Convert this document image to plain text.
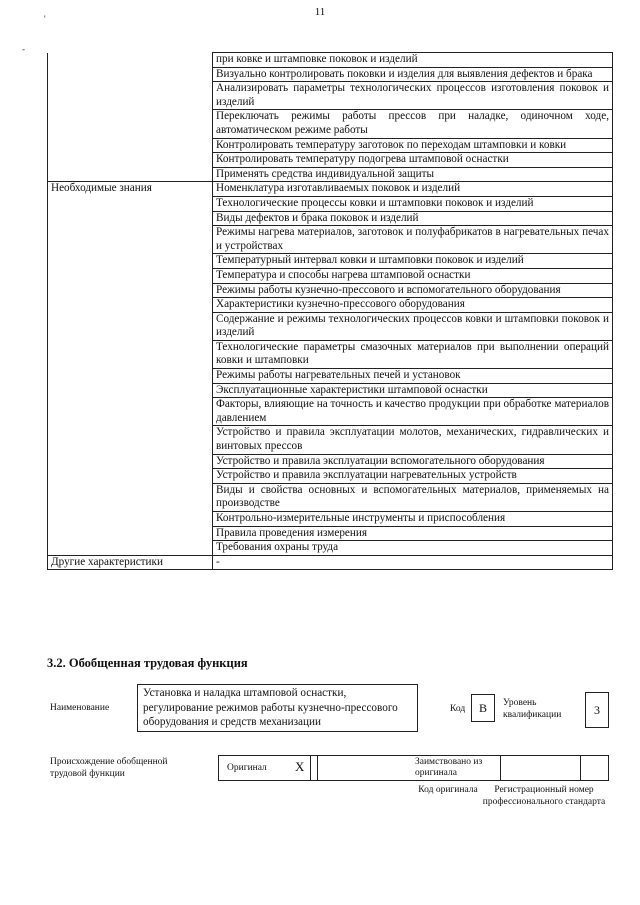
11
'
-
	при ковке и штамповке поковок и изделий
	Визуально контролировать поковки и изделия для выявления дефектов и брака
	Анализировать параметры технологических процессов изготовления поковок и изделий
	Переключать режимы работы прессов при наладке, одиночном ходе, автоматическом режиме работы
	Контролировать температуру заготовок по переходам штамповки и ковки
	Контролировать температуру подогрева штамповой оснастки
	Применять средства индивидуальной защиты
Необходимые знания	Номенклатура изготавливаемых поковок и изделий
	Технологические процессы ковки и штамповки поковок и изделий
	Виды дефектов и брака поковок и изделий
	Режимы нагрева материалов, заготовок и полуфабрикатов в нагревательных печах и устройствах
	Температурный интервал ковки и штамповки поковок и изделий
	Температура и способы нагрева штамповой оснастки
	Режимы работы кузнечно-прессового и вспомогательного оборудования
	Характеристики кузнечно-прессового оборудования
	Содержание и режимы технологических процессов ковки и штамповки поковок и изделий
	Технологические параметры смазочных материалов при выполнении операций ковки и штамповки
	Режимы работы нагревательных печей и установок
	Эксплуатационные характеристики штамповой оснастки
	Факторы, влияющие на точность и качество продукции при обработке материалов давлением
	Устройство и правила эксплуатации молотов, механических, гидравлических и винтовых прессов
	Устройство и правила эксплуатации вспомогательного оборудования
	Устройство и правила эксплуатации нагревательных устройств
	Виды и свойства основных и вспомогательных материалов, применяемых на производстве
	Контрольно-измерительные инструменты и приспособления
	Правила проведения измерения
	Требования охраны труда
Другие характеристики	-
3.2. Обобщенная трудовая функция
Наименование
Установка и наладка штамповой оснастки, регулирование режимов работы кузнечно-прессового оборудования и средств механизации
Код	B	Уровень квалификации	3
Происхождение обобщенной трудовой функции
Оригинал X	Заимствовано из оригинала
Код оригинала	Регистрационный номер профессионального стандарта
